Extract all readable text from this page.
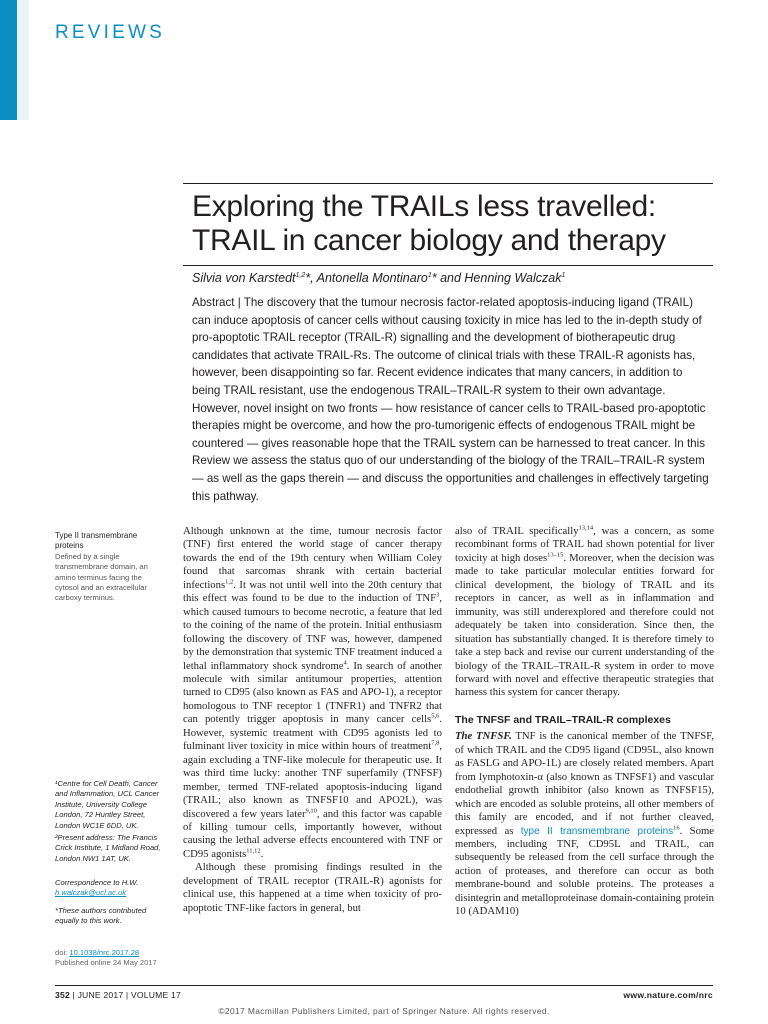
REVIEWS
Exploring the TRAILs less travelled: TRAIL in cancer biology and therapy
Silvia von Karstedt$^{1,2}$*, Antonella Montinaro$^1$* and Henning Walczak$^1$
Abstract | The discovery that the tumour necrosis factor-related apoptosis-inducing ligand (TRAIL) can induce apoptosis of cancer cells without causing toxicity in mice has led to the in-depth study of pro-apoptotic TRAIL receptor (TRAIL-R) signalling and the development of biotherapeutic drug candidates that activate TRAIL-Rs. The outcome of clinical trials with these TRAIL-R agonists has, however, been disappointing so far. Recent evidence indicates that many cancers, in addition to being TRAIL resistant, use the endogenous TRAIL–TRAIL-R system to their own advantage. However, novel insight on two fronts — how resistance of cancer cells to TRAIL-based pro-apoptotic therapies might be overcome, and how the pro-tumorigenic effects of endogenous TRAIL might be countered — gives reasonable hope that the TRAIL system can be harnessed to treat cancer. In this Review we assess the status quo of our understanding of the biology of the TRAIL–TRAIL-R system — as well as the gaps therein — and discuss the opportunities and challenges in effectively targeting this pathway.
Type II transmembrane proteins
Defined by a single transmembrane domain, an amino terminus facing the cytosol and an extracellular carboxy terminus.

¹Centre for Cell Death, Cancer and Inflammation, UCL Cancer Institute, University College London, 72 Huntley Street, London WC1E 6DD, UK.

²Present address: The Francis Crick Institute, 1 Midland Road, London NW1 1AT, UK.

Correspondence to H.W.

h.walczak@ucl.ac.uk

*These authors contributed equally to this work.

doi: 10.1038/nrc.2017.28
Published online 24 May 2017

Although unknown at the time, tumour necrosis factor (TNF) first entered the world stage of cancer therapy towards the end of the 19th century when William Coley found that sarcomas shrank with certain bacterial infections$^{1,2}$. It was not until well into the 20th century that this effect was found to be due to the induction of TNF$^3$, which caused tumours to become necrotic, a feature that led to the coining of the name of the protein. Initial enthusiasm following the discovery of TNF was, however, dampened by the demonstration that systemic TNF treatment induced a lethal inflammatory shock syndrome$^4$. In search of another molecule with similar antitumour properties, attention turned to CD95 (also known as FAS and APO-1), a receptor homologous to TNF receptor 1 (TNFR1) and TNFR2 that can potently trigger apoptosis in many cancer cells$^{5,6}$. However, systemic treatment with CD95 agonists led to fulminant liver toxicity in mice within hours of treatment$^{7,8}$, again excluding a TNF-like molecule for therapeutic use. It was third time lucky: another TNF superfamily (TNFSF) member, termed TNF-related apoptosis-inducing ligand (TRAIL; also known as TNFSF10 and APO2L), was discovered a few years later$^{9,10}$, and this factor was capable of killing tumour cells, importantly however, without causing the lethal adverse effects encountered with TNF or CD95 agonists$^{11,12}$.

Although these promising findings resulted in the development of TRAIL receptor (TRAIL-R) agonists for clinical use, this happened at a time when toxicity of pro-apoptotic TNF-like factors in general, but

also of TRAIL specifically$^{13,14}$, was a concern, as some recombinant forms of TRAIL had shown potential for liver toxicity at high doses$^{13-15}$. Moreover, when the decision was made to take particular molecular entities forward for clinical development, the biology of TRAIL and its receptors in cancer, as well as in inflammation and immunity, was still underexplored and therefore could not adequately be taken into consideration. Since then, the situation has substantially changed. It is therefore timely to take a step back and revise our current understanding of the biology of the TRAIL–TRAIL-R system in order to move forward with novel and effective therapeutic strategies that harness this system for cancer therapy.

The TNFSF and TRAIL–TRAIL-R complexes

The TNFSF. TNF is the canonical member of the TNFSF, of which TRAIL and the CD95 ligand (CD95L, also known as FASLG and APO-1L) are closely related members. Apart from lymphotoxin-α (also known as TNFSF1) and vascular endothelial growth inhibitor (also known as TNFSF15), which are encoded as soluble proteins, all other members of this family are encoded, and if not further cleaved, expressed as type II transmembrane proteins$^{16}$. Some members, including TNF, CD95L and TRAIL, can subsequently be released from the cell surface through the action of proteases, and therefore can occur as both membrane-bound and soluble proteins. The proteases a disintegrin and metalloproteinase domain-containing protein 10 (ADAM10)

352 | JUNE 2017 | VOLUME 17	www.nature.com/nrc
©2017 Macmillan Publishers Limited, part of Springer Nature. All rights reserved.
